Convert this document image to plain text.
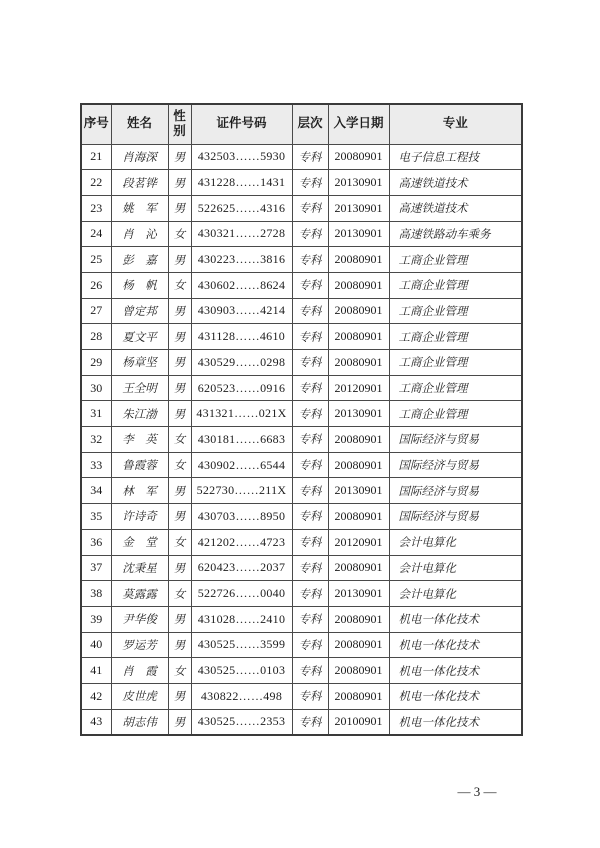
序号	姓名	性别	证件号码	层次	入学日期	专业
21	肖海深	男	432503……5930	专科	20080901	电子信息工程技
22	段茗铧	男	431228……1431	专科	20130901	高速铁道技术
23	姚　军	男	522625……4316	专科	20130901	高速铁道技术
24	肖　沁	女	430321……2728	专科	20130901	高速铁路动车乘务
25	彭　嘉	男	430223……3816	专科	20080901	工商企业管理
26	杨　帆	女	430602……8624	专科	20080901	工商企业管理
27	曾定邦	男	430903……4214	专科	20080901	工商企业管理
28	夏文平	男	431128……4610	专科	20080901	工商企业管理
29	杨章坚	男	430529……0298	专科	20080901	工商企业管理
30	王全明	男	620523……0916	专科	20120901	工商企业管理
31	朱江渤	男	431321……021X	专科	20130901	工商企业管理
32	李　英	女	430181……6683	专科	20080901	国际经济与贸易
33	鲁霞蓉	女	430902……6544	专科	20080901	国际经济与贸易
34	林　军	男	522730……211X	专科	20130901	国际经济与贸易
35	许诗奇	男	430703……8950	专科	20080901	国际经济与贸易
36	金　堂	女	421202……4723	专科	20120901	会计电算化
37	沈秉星	男	620423……2037	专科	20080901	会计电算化
38	莫露露	女	522726……0040	专科	20130901	会计电算化
39	尹华俊	男	431028……2410	专科	20080901	机电一体化技术
40	罗运芳	男	430525……3599	专科	20080901	机电一体化技术
41	肖　霞	女	430525……0103	专科	20080901	机电一体化技术
42	皮世虎	男	430822……498	专科	20080901	机电一体化技术
43	胡志伟	男	430525……2353	专科	20100901	机电一体化技术
— 3 —
